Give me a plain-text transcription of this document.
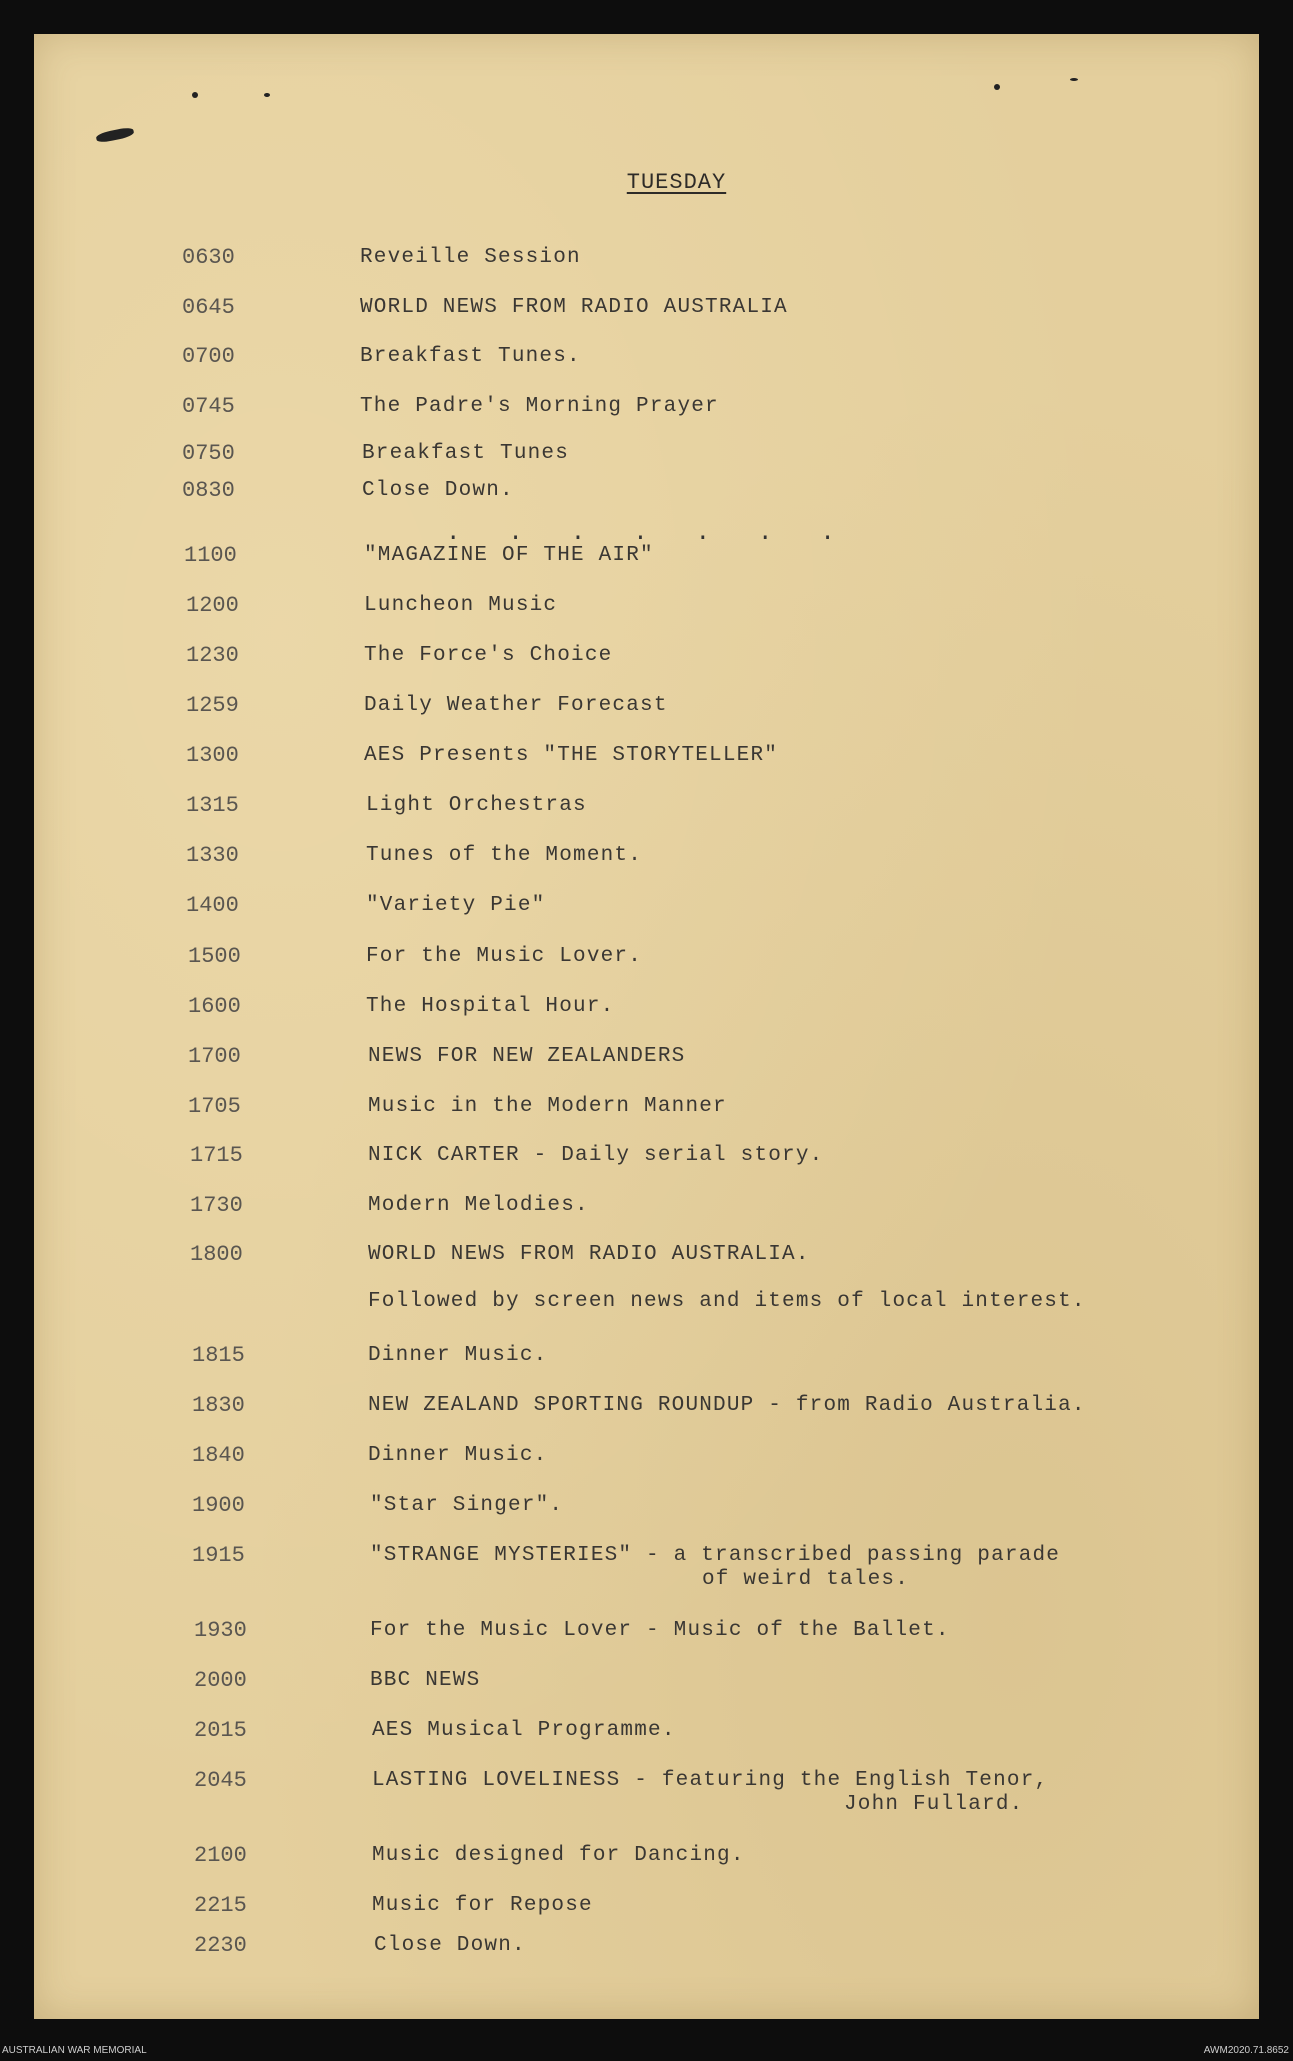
TUESDAY
.......
0630	Reveille Session
0645	WORLD NEWS FROM RADIO AUSTRALIA
0700	Breakfast Tunes.
0745	The Padre's Morning Prayer
0750	Breakfast Tunes
0830	Close Down.
1100	"MAGAZINE OF THE AIR"
1200	Luncheon Music
1230	The Force's Choice
1259	Daily Weather Forecast
1300	AES Presents "THE STORYTELLER"
1315	Light Orchestras
1330	Tunes of the Moment.
1400	"Variety Pie"
1500	For the Music Lover.
1600	The Hospital Hour.
1700	NEWS FOR NEW ZEALANDERS
1705	Music in the Modern Manner
1715	NICK CARTER - Daily serial story.
1730	Modern Melodies.
1800	WORLD NEWS FROM RADIO AUSTRALIA.
Followed by screen news and items of local interest.
1815	Dinner Music.
1830	NEW ZEALAND SPORTING ROUNDUP - from Radio Australia.
1840	Dinner Music.
1900	"Star Singer".
1915	"STRANGE MYSTERIES" - a transcribed passing parade
of weird tales.
1930	For the Music Lover - Music of the Ballet.
2000	BBC NEWS
2015	AES Musical Programme.
2045	LASTING LOVELINESS - featuring the English Tenor,
John Fullard.
2100	Music designed for Dancing.
2215	Music for Repose
2230	Close Down.
AUSTRALIAN WAR MEMORIAL	AWM2020.71.8652
